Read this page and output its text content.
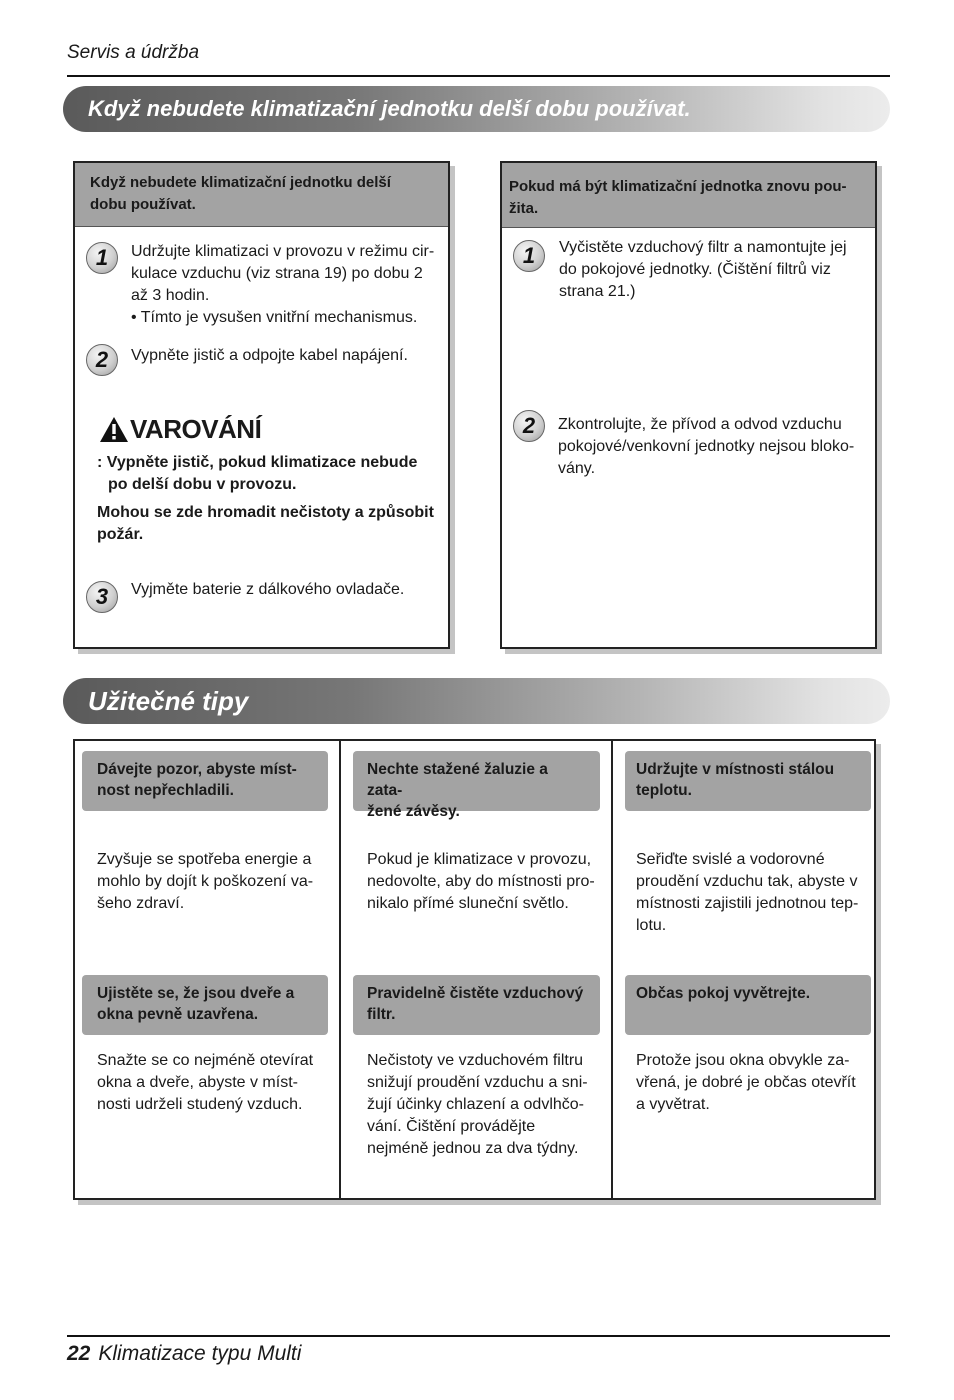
Servis a údržba
Když nebudete klimatizační jednotku delší dobu používat.
Když nebudete klimatizační jednotku delší
dobu používat.
1	Udržujte klimatizaci v provozu v režimu cir-
kulace vzduchu (viz strana 19) po dobu 2
až 3 hodin.
• Tímto je vysušen vnitřní mechanismus.
2	Vypněte jistič a odpojte kabel napájení.
VAROVÁNÍ
: Vypněte jistič, pokud klimatizace nebude
po delší dobu v provozu.
Mohou se zde hromadit nečistoty a způsobit
požár.
3	Vyjměte baterie z dálkového ovladače.
Pokud má být klimatizační jednotka znovu pou-
žita.
1	Vyčistěte vzduchový filtr a namontujte jej
do pokojové jednotky. (Čištění filtrů viz
strana 21.)
2	Zkontrolujte, že přívod a odvod vzduchu
pokojové/venkovní jednotky nejsou bloko-
vány.
Užitečné tipy
Dávejte pozor, abyste míst-
nost nepřechladili.
Zvyšuje se spotřeba energie a
mohlo by dojít k poškození va-
šeho zdraví.
Nechte stažené žaluzie a zata-
žené závěsy.
Pokud je klimatizace v provozu,
nedovolte, aby do místnosti pro-
nikalo přímé sluneční světlo.
Udržujte v místnosti stálou
teplotu.
Seřiďte svislé a vodorovné
proudění vzduchu tak, abyste v
místnosti zajistili jednotnou tep-
lotu.
Ujistěte se, že jsou dveře a
okna pevně uzavřena.
Snažte se co nejméně otevírat
okna a dveře, abyste v míst-
nosti udrželi studený vzduch.
Pravidelně čistěte vzduchový
filtr.
Nečistoty ve vzduchovém filtru
snižují proudění vzduchu a sni-
žují účinky chlazení a odvlhčo-
vání. Čištění provádějte
nejméně jednou za dva týdny.
Občas pokoj vyvětrejte.
Protože jsou okna obvykle za-
vřená, je dobré je občas otevřít
a vyvětrat.
22 Klimatizace typu Multi
